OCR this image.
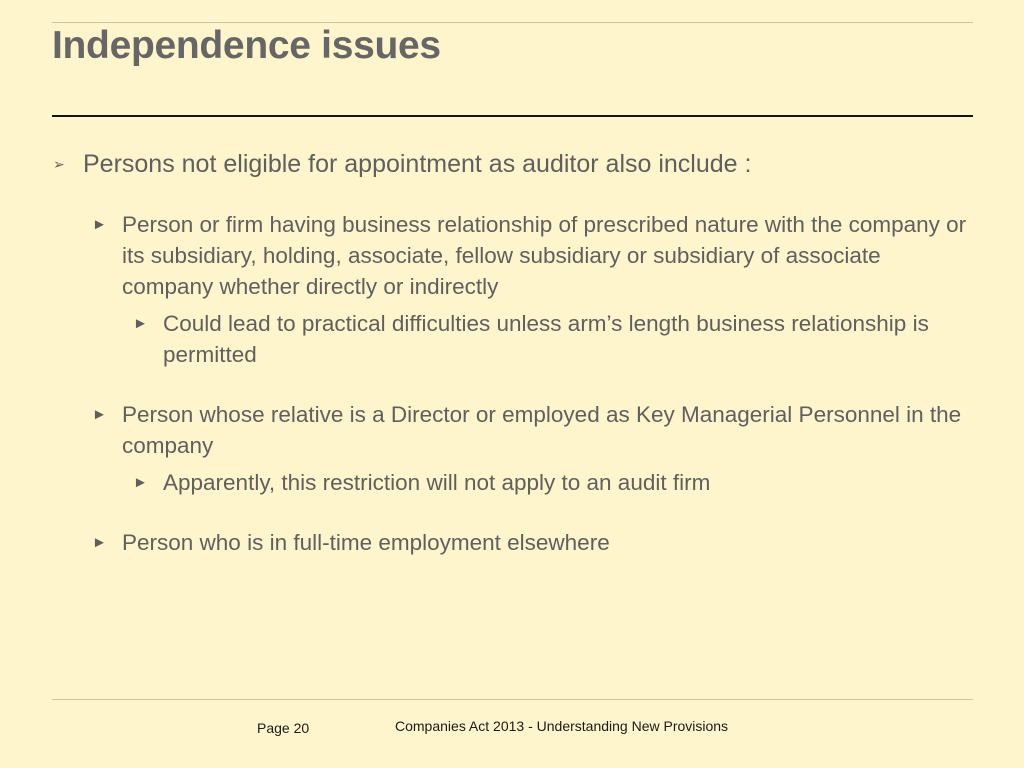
Independence issues
➢ Persons not eligible for appointment as auditor also include :
► Person or firm having business relationship of prescribed nature with the company or its subsidiary, holding, associate, fellow subsidiary or subsidiary of associate company whether directly or indirectly
► Could lead to practical difficulties unless arm’s length business relationship is permitted
► Person whose relative is a Director or employed as Key Managerial Personnel in the company
► Apparently, this restriction will not apply to an audit firm
► Person who is in full-time employment elsewhere
Page 20	Companies Act 2013 - Understanding New Provisions
